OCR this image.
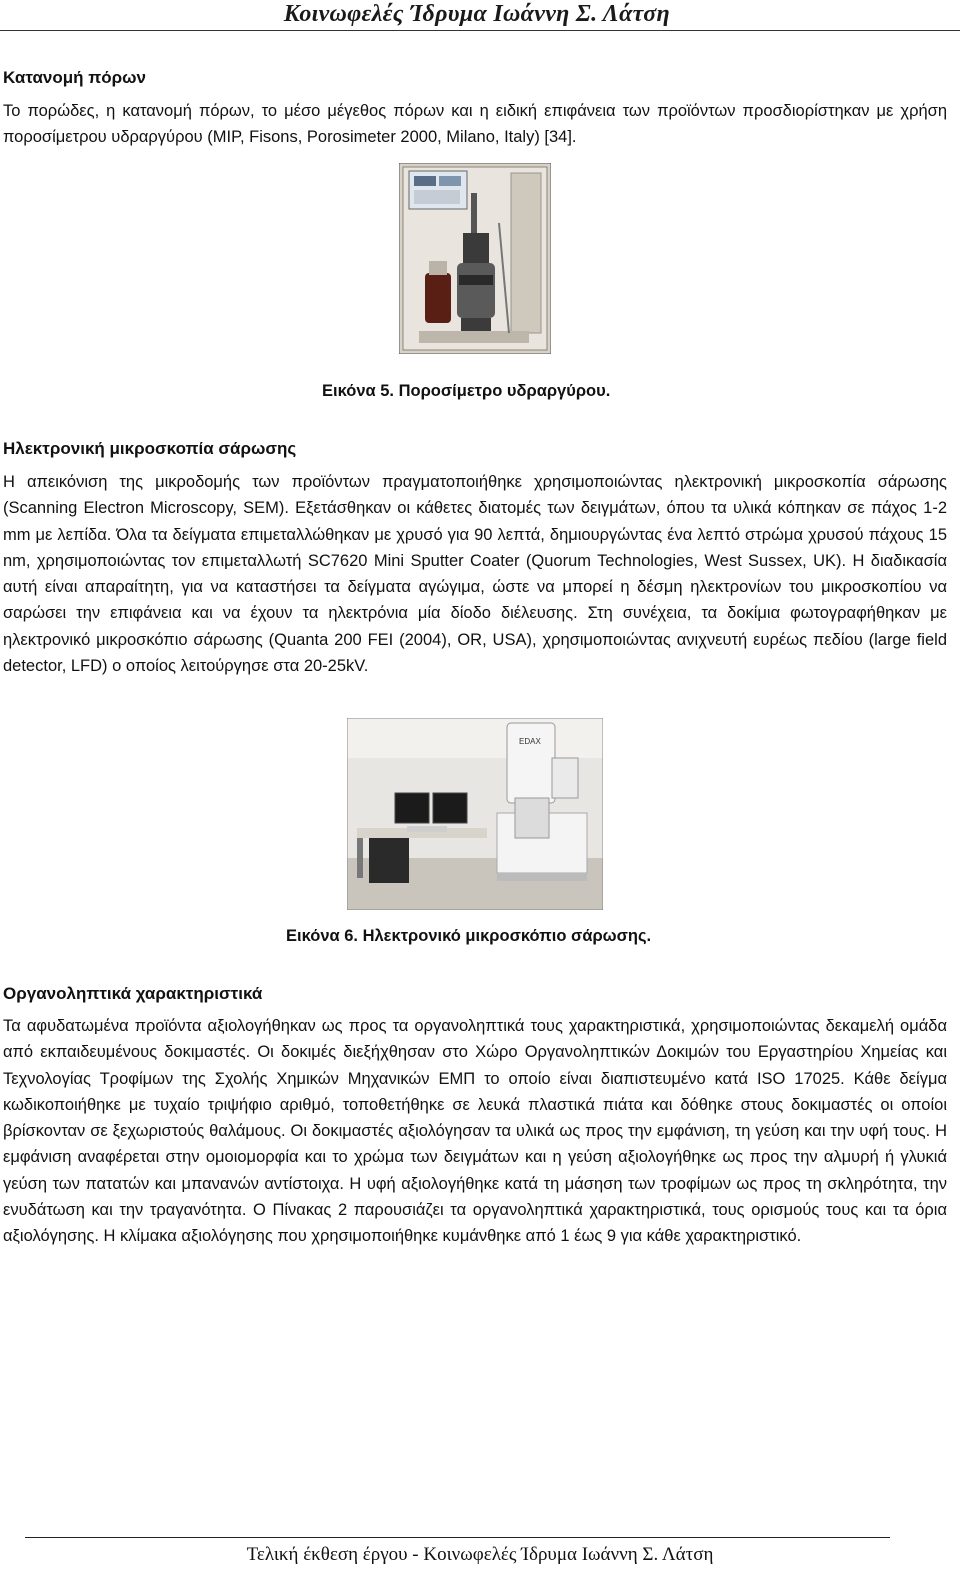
Κοινωφελές Ίδρυμα Ιωάννη Σ. Λάτση
Κατανομή πόρων

Το πορώδες, η κατανομή πόρων, το μέσο μέγεθος πόρων και η ειδική επιφάνεια των προϊόντων προσδιορίστηκαν με χρήση ποροσίμετρου υδραργύρου (MIP, Fisons, Porosimeter 2000, Milano, Italy) [34].

Εικόνα 5. Ποροσίμετρο υδραργύρου.
Ηλεκτρονική μικροσκοπία σάρωσης

Η απεικόνιση της μικροδομής των προϊόντων πραγματοποιήθηκε χρησιμοποιώντας ηλεκτρονική μικροσκοπία σάρωσης (Scanning Electron Microscopy, SEM). Εξετάσθηκαν οι κάθετες διατομές των δειγμάτων, όπου τα υλικά κόπηκαν σε πάχος 1-2 mm με λεπίδα. Όλα τα δείγματα επιμεταλλώθηκαν με χρυσό για 90 λεπτά, δημιουργώντας ένα λεπτό στρώμα χρυσού πάχους 15 nm, χρησιμοποιώντας τον επιμεταλλωτή SC7620 Mini Sputter Coater (Quorum Technologies, West Sussex, UK). Η διαδικασία αυτή είναι απαραίτητη, για να καταστήσει τα δείγματα αγώγιμα, ώστε να μπορεί η δέσμη ηλεκτρονίων του μικροσκοπίου να σαρώσει την επιφάνεια και να έχουν τα ηλεκτρόνια μία δίοδο διέλευσης. Στη συνέχεια, τα δοκίμια φωτογραφήθηκαν με ηλεκτρονικό μικροσκόπιο σάρωσης (Quanta 200 FEI (2004), OR, USA), χρησιμοποιώντας ανιχνευτή ευρέως πεδίου (large field detector, LFD) ο οποίος λειτούργησε στα 20-25kV.

EDAX
Εικόνα 6. Ηλεκτρονικό μικροσκόπιο σάρωσης.
Οργανοληπτικά χαρακτηριστικά

Τα αφυδατωμένα προϊόντα αξιολογήθηκαν ως προς τα οργανοληπτικά τους χαρακτηριστικά, χρησιμοποιώντας δεκαμελή ομάδα από εκπαιδευμένους δοκιμαστές. Οι δοκιμές διεξήχθησαν στο Χώρο Οργανοληπτικών Δοκιμών του Εργαστηρίου Χημείας και Τεχνολογίας Τροφίμων της Σχολής Χημικών Μηχανικών ΕΜΠ το οποίο είναι διαπιστευμένο κατά ISO 17025. Κάθε δείγμα κωδικοποιήθηκε με τυχαίο τριψήφιο αριθμό, τοποθετήθηκε σε λευκά πλαστικά πιάτα και δόθηκε στους δοκιμαστές οι οποίοι βρίσκονταν σε ξεχωριστούς θαλάμους. Οι δοκιμαστές αξιολόγησαν τα υλικά ως προς την εμφάνιση, τη γεύση και την υφή τους. Η εμφάνιση αναφέρεται στην ομοιομορφία και το χρώμα των δειγμάτων και η γεύση αξιολογήθηκε ως προς την αλμυρή ή γλυκιά γεύση των πατατών και μπανανών αντίστοιχα. Η υφή αξιολογήθηκε κατά τη μάσηση των τροφίμων ως προς τη σκληρότητα, την ενυδάτωση και την τραγανότητα. Ο Πίνακας 2 παρουσιάζει τα οργανοληπτικά χαρακτηριστικά, τους ορισμούς τους και τα όρια αξιολόγησης. Η κλίμακα αξιολόγησης που χρησιμοποιήθηκε κυμάνθηκε από 1 έως 9 για κάθε χαρακτηριστικό.

Τελική έκθεση έργου - Κοινωφελές Ίδρυμα Ιωάννη Σ. Λάτση
